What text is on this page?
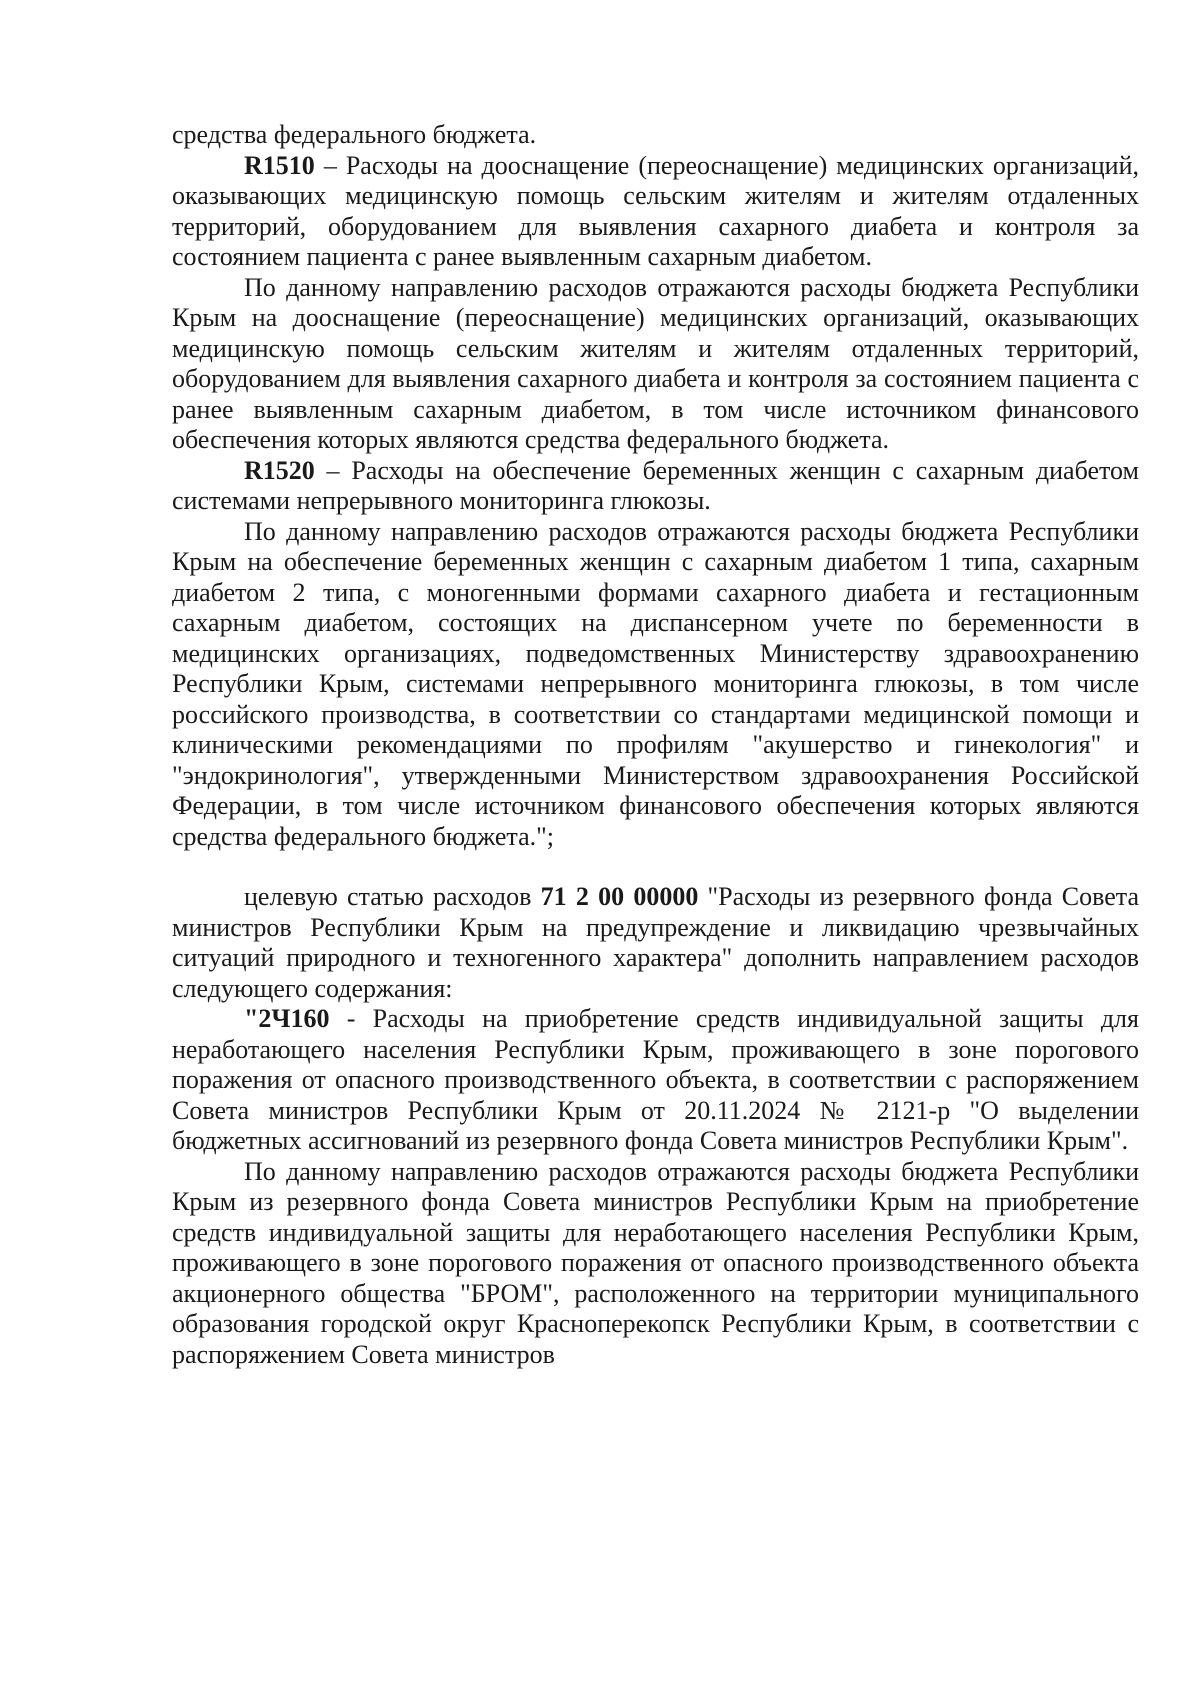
средства федерального бюджета.

R1510 – Расходы на дооснащение (переоснащение) медицинских организаций, оказывающих медицинскую помощь сельским жителям и жителям отдаленных территорий, оборудованием для выявления сахарного диабета и контроля за состоянием пациента с ранее выявленным сахарным диабетом.

По данному направлению расходов отражаются расходы бюджета Республики Крым на дооснащение (переоснащение) медицинских организаций, оказывающих медицинскую помощь сельским жителям и жителям отдаленных территорий, оборудованием для выявления сахарного диабета и контроля за состоянием пациента с ранее выявленным сахарным диабетом, в том числе источником финансового обеспечения которых являются средства федерального бюджета.

R1520 – Расходы на обеспечение беременных женщин с сахарным диабетом системами непрерывного мониторинга глюкозы.

По данному направлению расходов отражаются расходы бюджета Республики Крым на обеспечение беременных женщин с сахарным диабетом 1 типа, сахарным диабетом 2 типа, с моногенными формами сахарного диабета и гестационным сахарным диабетом, состоящих на диспансерном учете по беременности в медицинских организациях, подведомственных Министерству здравоохранению Республики Крым, системами непрерывного мониторинга глюкозы, в том числе российского производства, в соответствии со стандартами медицинской помощи и клиническими рекомендациями по профилям "акушерство и гинекология" и "эндокринология", утвержденными Министерством здравоохранения Российской Федерации, в том числе источником финансового обеспечения которых являются средства федерального бюджета.";

целевую статью расходов 71 2 00 00000 "Расходы из резервного фонда Совета министров Республики Крым на предупреждение и ликвидацию чрезвычайных ситуаций природного и техногенного характера" дополнить направлением расходов следующего содержания:

"2Ч160 - Расходы на приобретение средств индивидуальной защиты для неработающего населения Республики Крым, проживающего в зоне порогового поражения от опасного производственного объекта, в соответствии с распоряжением Совета министров Республики Крым от 20.11.2024 № 2121-р "О выделении бюджетных ассигнований из резервного фонда Совета министров Республики Крым".

По данному направлению расходов отражаются расходы бюджета Республики Крым из резервного фонда Совета министров Республики Крым на приобретение средств индивидуальной защиты для неработающего населения Республики Крым, проживающего в зоне порогового поражения от опасного производственного объекта акционерного общества "БРОМ", расположенного на территории муниципального образования городской округ Красноперекопск Республики Крым, в соответствии с распоряжением Совета министров
